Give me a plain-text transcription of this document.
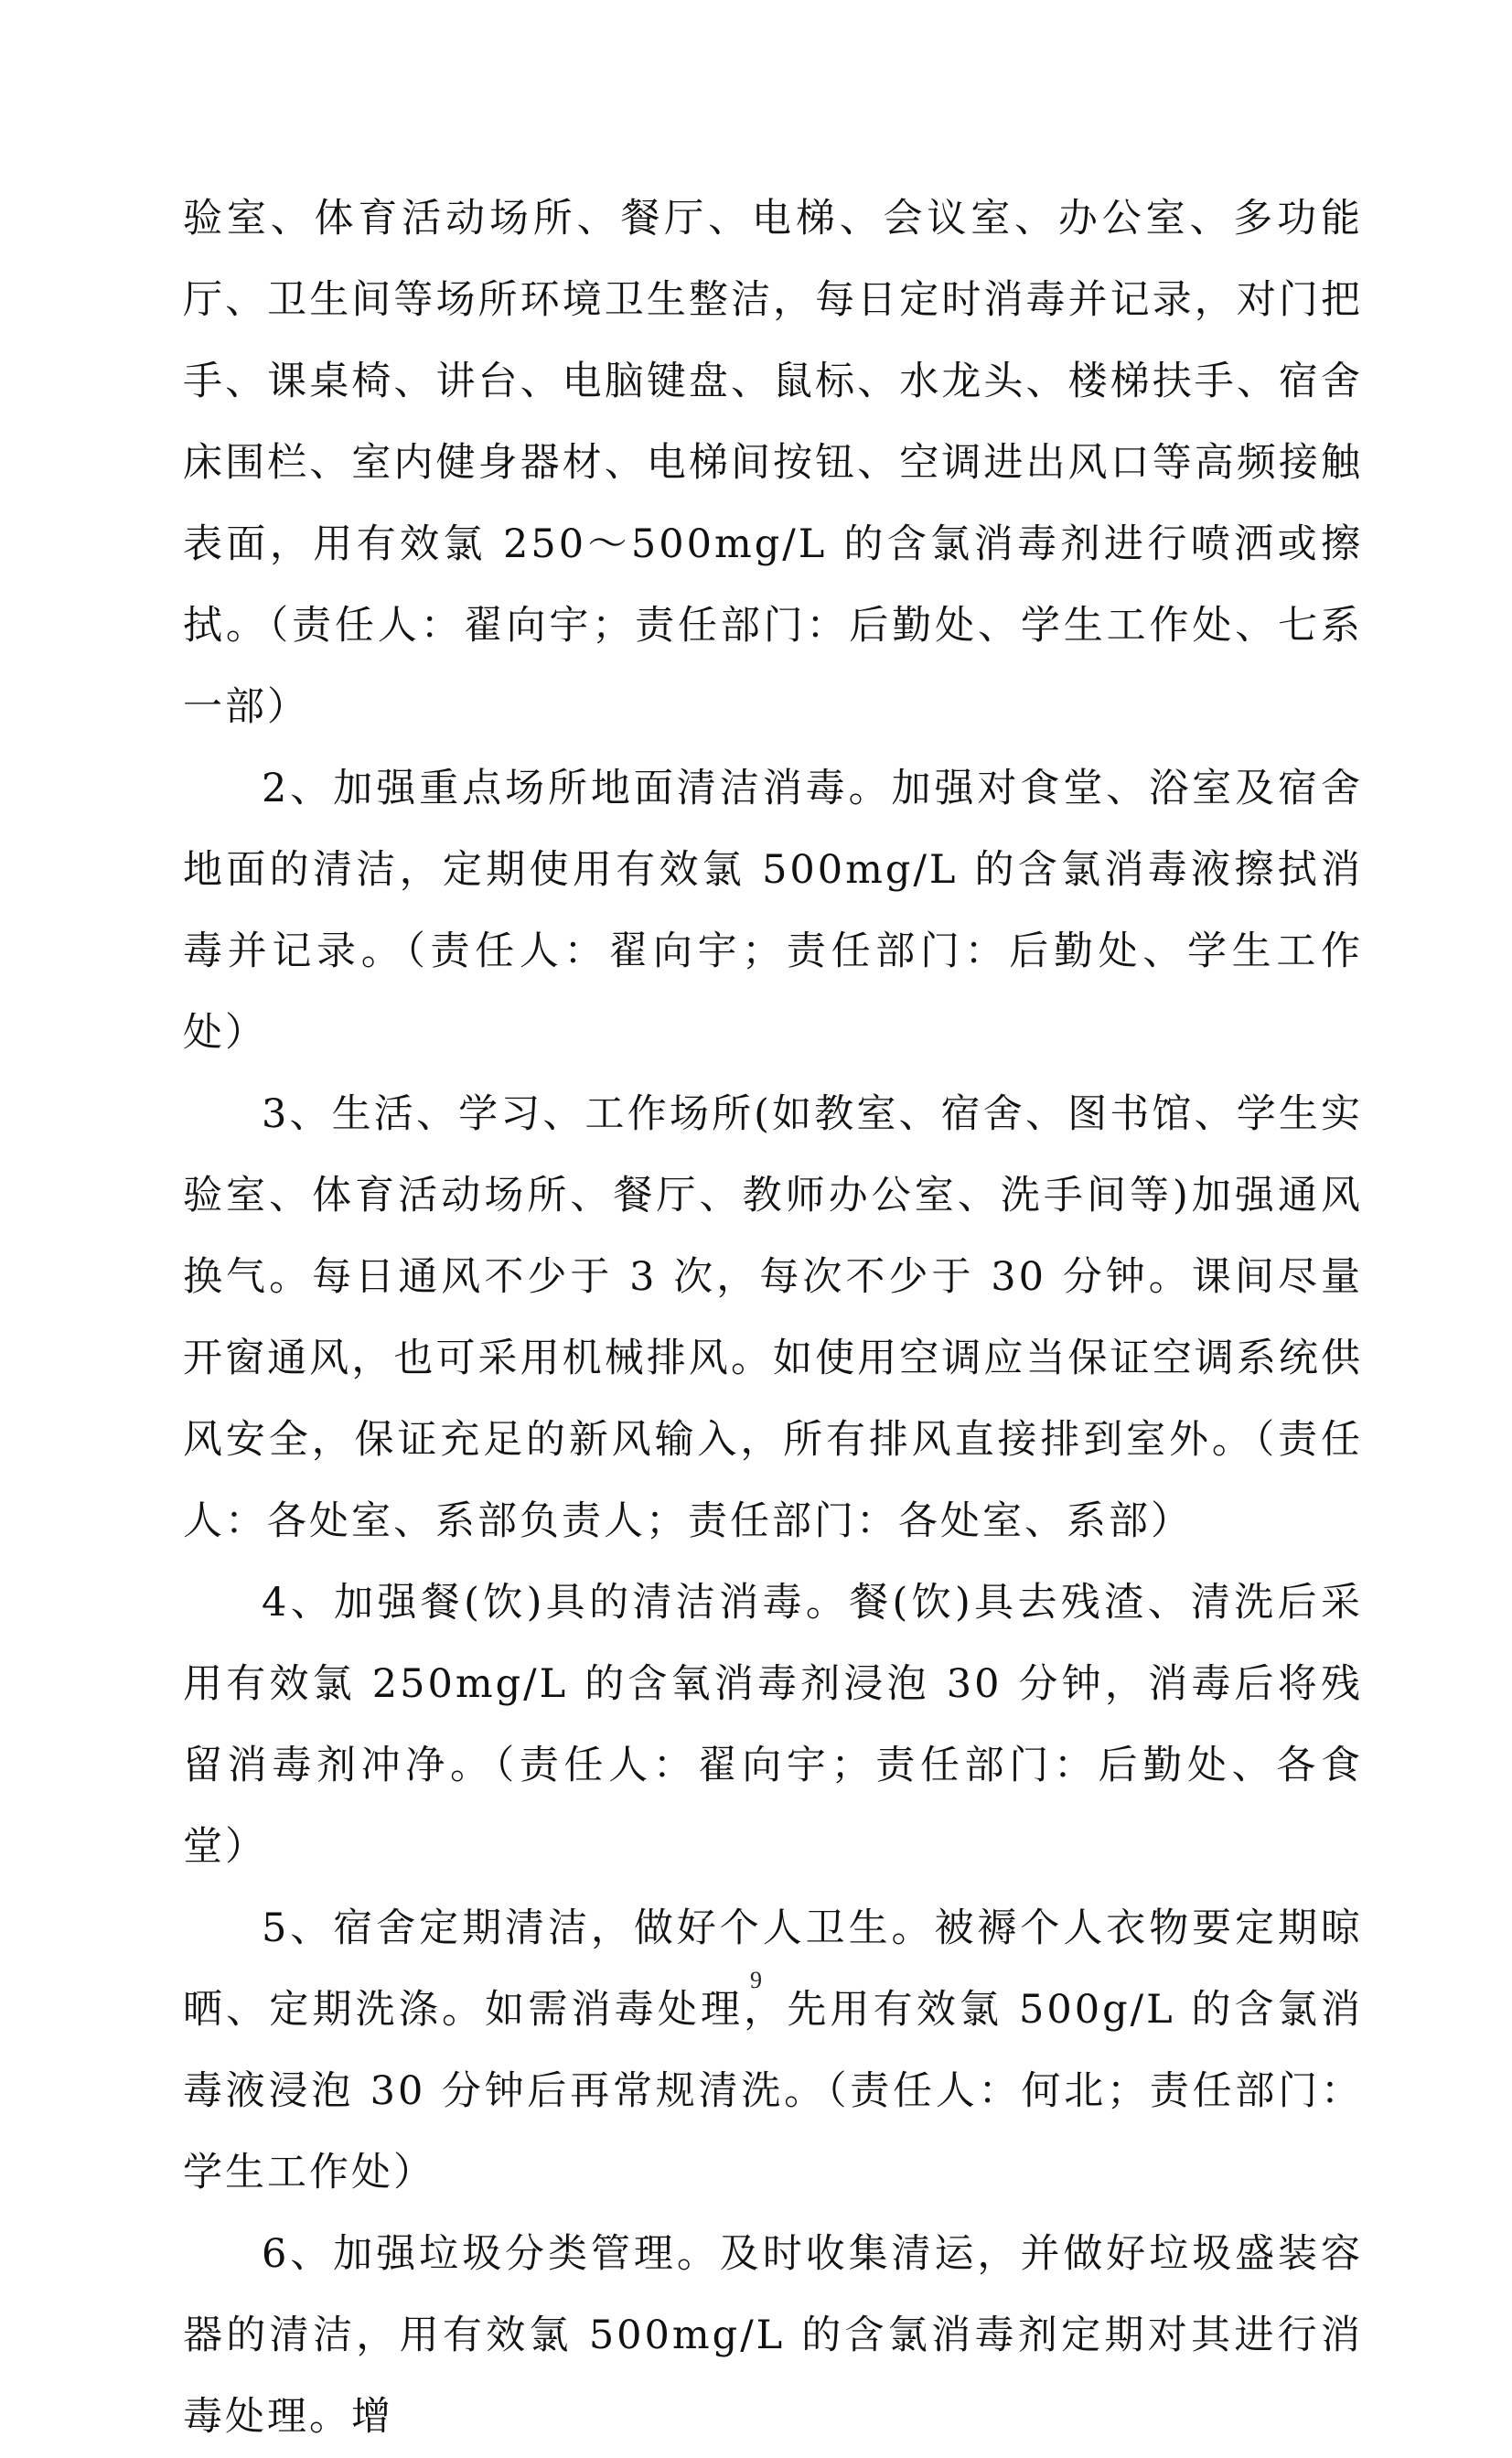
验室、体育活动场所、餐厅、电梯、会议室、办公室、多功能厅、卫生间等场所环境卫生整洁，每日定时消毒并记录，对门把手、课桌椅、讲台、电脑键盘、鼠标、水龙头、楼梯扶手、宿舍床围栏、室内健身器材、电梯间按钮、空调进出风口等高频接触表面，用有效氯 250～500mg/L 的含氯消毒剂进行喷洒或擦拭。（责任人：翟向宇；责任部门：后勤处、学生工作处、七系一部）

2、加强重点场所地面清洁消毒。加强对食堂、浴室及宿舍地面的清洁，定期使用有效氯 500mg/L 的含氯消毒液擦拭消毒并记录。（责任人：翟向宇；责任部门：后勤处、学生工作处）

3、生活、学习、工作场所(如教室、宿舍、图书馆、学生实验室、体育活动场所、餐厅、教师办公室、洗手间等)加强通风换气。每日通风不少于 3 次，每次不少于 30 分钟。课间尽量开窗通风，也可采用机械排风。如使用空调应当保证空调系统供风安全，保证充足的新风输入，所有排风直接排到室外。（责任人：各处室、系部负责人；责任部门：各处室、系部）

4、加强餐(饮)具的清洁消毒。餐(饮)具去残渣、清洗后采用有效氯 250mg/L 的含氧消毒剂浸泡 30 分钟，消毒后将残留消毒剂冲净。（责任人：翟向宇；责任部门：后勤处、各食堂）

5、宿舍定期清洁，做好个人卫生。被褥个人衣物要定期晾晒、定期洗涤。如需消毒处理，先用有效氯 500g/L 的含氯消毒液浸泡 30 分钟后再常规清洗。（责任人：何北；责任部门：学生工作处）

6、加强垃圾分类管理。及时收集清运，并做好垃圾盛装容器的清洁，用有效氯 500mg/L 的含氯消毒剂定期对其进行消毒处理。增

9
